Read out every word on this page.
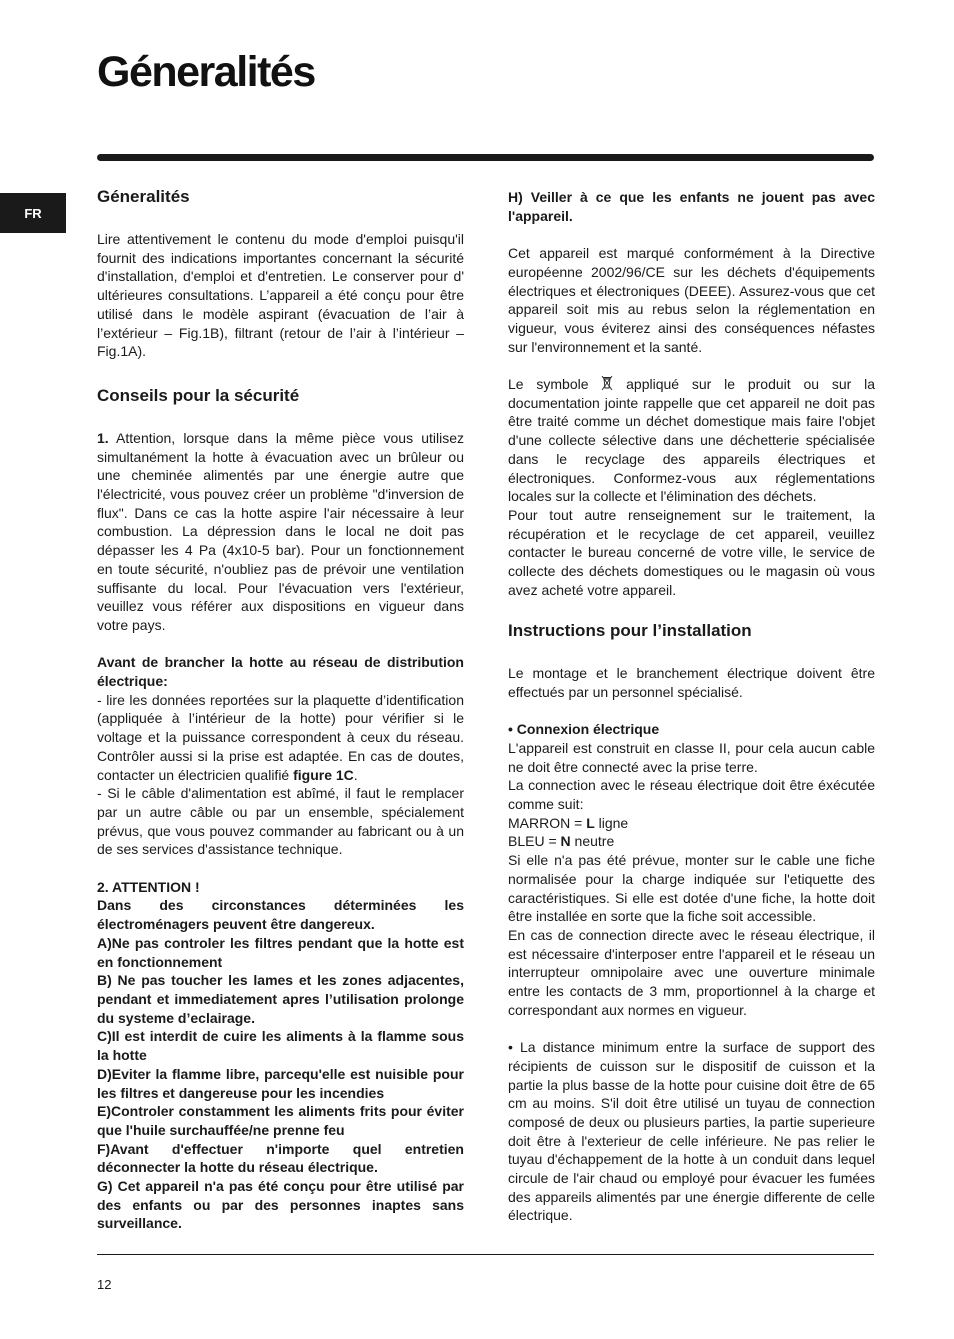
Géneralités
FR
Géneralités

Lire attentivement le contenu du mode d'emploi puisqu'il fournit des indications importantes concernant la sécurité d'installation, d'emploi et d'entretien. Le conserver pour d' ultérieures consultations. L’appareil a été conçu pour être utilisé dans le modèle aspirant (évacuation de l’air à l’extérieur – Fig.1B), filtrant (retour de l’air à l’intérieur – Fig.1A).

Conseils pour la sécurité

1. Attention, lorsque dans la même pièce vous utilisez simultanément la hotte à évacuation avec un brûleur ou une cheminée alimentés par une énergie autre que l'électricité, vous pouvez créer un problème "d'inversion de flux". Dans ce cas la hotte aspire l'air nécessaire à leur combustion. La dépression dans le local ne doit pas dépasser les 4 Pa (4x10-5 bar). Pour un fonctionnement en toute sécurité, n'oubliez pas de prévoir une ventilation suffisante du local. Pour l'évacuation vers l'extérieur, veuillez vous référer aux dispositions en vigueur dans votre pays.

Avant de brancher la hotte au réseau de distribution électrique:

- lire les données reportées sur la plaquette d’identification (appliquée à l’intérieur de la hotte) pour vérifier si le voltage et la puissance correspondent à ceux du réseau. Contrôler aussi si la prise est adaptée. En cas de doutes, contacter un électricien qualifié figure 1C.

- Si le câble d'alimentation est abîmé, il faut le remplacer par un autre câble ou par un ensemble, spécialement prévus, que vous pouvez commander au fabricant ou à un de ses services d'assistance technique.

2. ATTENTION !

Dans des circonstances déterminées les électroménagers peuvent être dangereux.

A)Ne pas controler les filtres pendant que la hotte est en fonctionnement

B) Ne pas toucher les lames et les zones adjacentes, pendant et immediatement apres l’utilisation prolonge du systeme d’eclairage.

C)Il est interdit de cuire les aliments à la flamme sous la hotte

D)Eviter la flamme libre, parcequ'elle est nuisible pour les filtres et dangereuse pour les incendies

E)Controler constamment les aliments frits pour éviter que l'huile surchauffée/ne prenne feu

F)Avant d'effectuer n'importe quel entretien déconnecter la hotte du réseau électrique.

G) Cet appareil n'a pas été conçu pour être utilisé par des enfants ou par des personnes inaptes sans surveillance.

H) Veiller à ce que les enfants ne jouent pas avec l'appareil.

Cet appareil est marqué conformément à la Directive européenne 2002/96/CE sur les déchets d'équipements électriques et électroniques (DEEE). Assurez-vous que cet appareil soit mis au rebus selon la réglementation en vigueur, vous éviterez ainsi des conséquences néfastes sur l'environnement et la santé.

Le symbole  appliqué sur le produit ou sur la documentation jointe rappelle que cet appareil ne doit pas être traité comme un déchet domestique mais faire l'objet d'une collecte sélective dans une déchetterie spécialisée dans le recyclage des appareils électriques et électroniques. Conformez-vous aux réglementations locales sur la collecte et l'élimination des déchets.

Pour tout autre renseignement sur le traitement, la récupération et le recyclage de cet appareil, veuillez contacter le bureau concerné de votre ville, le service de collecte des déchets domestiques ou le magasin où vous avez acheté votre appareil.

Instructions pour l’installation

Le montage et le branchement électrique doivent être effectués par un personnel spécialisé.

• Connexion électrique

L'appareil est construit en classe II, pour cela aucun cable ne doit être connecté avec la prise terre.

La connection avec le réseau électrique doit être éxécutée comme suit:

MARRON = L ligne

BLEU = N neutre

Si elle n'a pas été prévue, monter sur le cable une fiche normalisée pour la charge indiquée sur l'etiquette des caractéristiques. Si elle est dotée d'une fiche, la hotte doit être installée en sorte que la fiche soit accessible.

En cas de connection directe avec le réseau électrique, il est nécessaire d'interposer entre l'appareil et le réseau un interrupteur omnipolaire avec une ouverture minimale entre les contacts de 3 mm, proportionnel à la charge et correspondant aux normes en vigueur.

• La distance minimum entre la surface de support des récipients de cuisson sur le dispositif de cuisson et la partie la plus basse de la hotte pour cuisine doit être de 65 cm au moins. S'il doit être utilisé un tuyau de connection composé de deux ou plusieurs parties, la partie superieure doit être à l'exterieur de celle inférieure. Ne pas relier le tuyau d'échappement de la hotte à un conduit dans lequel circule de l'air chaud ou employé pour évacuer les fumées des appareils alimentés par une énergie differente de celle électrique.

12
